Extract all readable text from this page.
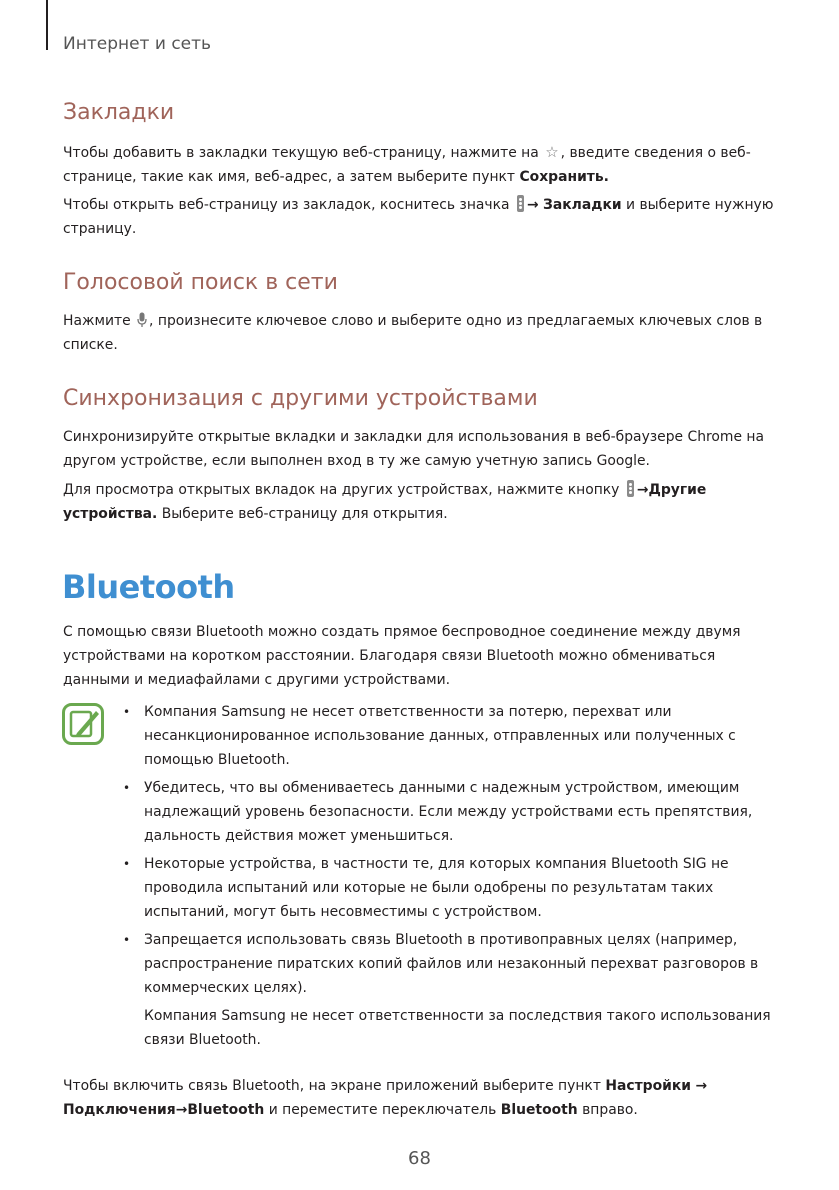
Интернет и сеть
Закладки

Чтобы добавить в закладки текущую веб-страницу, нажмите на ☆ , введите сведения о веб-страницe, такие как имя, веб-адрес, а затем выберите пункт Сохранить.

Чтобы открыть веб-страницу из закладок, коснитесь значка → Закладки и выберите нужную страницу.

Голосовой поиск в сети

Нажмите , произнесите ключевое слово и выберите одно из предлагаемых ключевых слов в списке.

Синхронизация с другими устройствами

Синхронизируйте открытые вкладки и закладки для использования в веб-браузере Chrome на другом устройстве, если выполнен вход в ту же самую учетную запись Google.

Для просмотра открытых вкладок на других устройствах, нажмите кнопку →Другие устройства. Выберите веб-страницу для открытия.

Bluetooth

С помощью связи Bluetooth можно создать прямое беспроводное соединение между двумя устройствами на коротком расстоянии. Благодаря связи Bluetooth можно обмениваться данными и медиафайлами с другими устройствами.

• Компания Samsung не несет ответственности за потерю, перехват или несанкционированное использование данных, отправленных или полученных с помощью Bluetooth.
• Убедитесь, что вы обмениваетесь данными с надежным устройством, имеющим надлежащий уровень безопасности. Если между устройствами есть препятствия, дальность действия может уменьшиться.
• Некоторые устройства, в частности те, для которых компания Bluetooth SIG не проводила испытаний или которые не были одобрены по результатам таких испытаний, могут быть несовместимы с устройством.
• Запрещается использовать связь Bluetooth в противоправных целях (например, распространение пиратских копий файлов или незаконный перехват разговоров в коммерческих целях).
Компания Samsung не несет ответственности за последствия такого использования связи Bluetooth.

Чтобы включить связь Bluetooth, на экране приложений выберите пункт Настройки →
Подключения→Bluetooth и переместите переключатель Bluetooth вправо.

68
